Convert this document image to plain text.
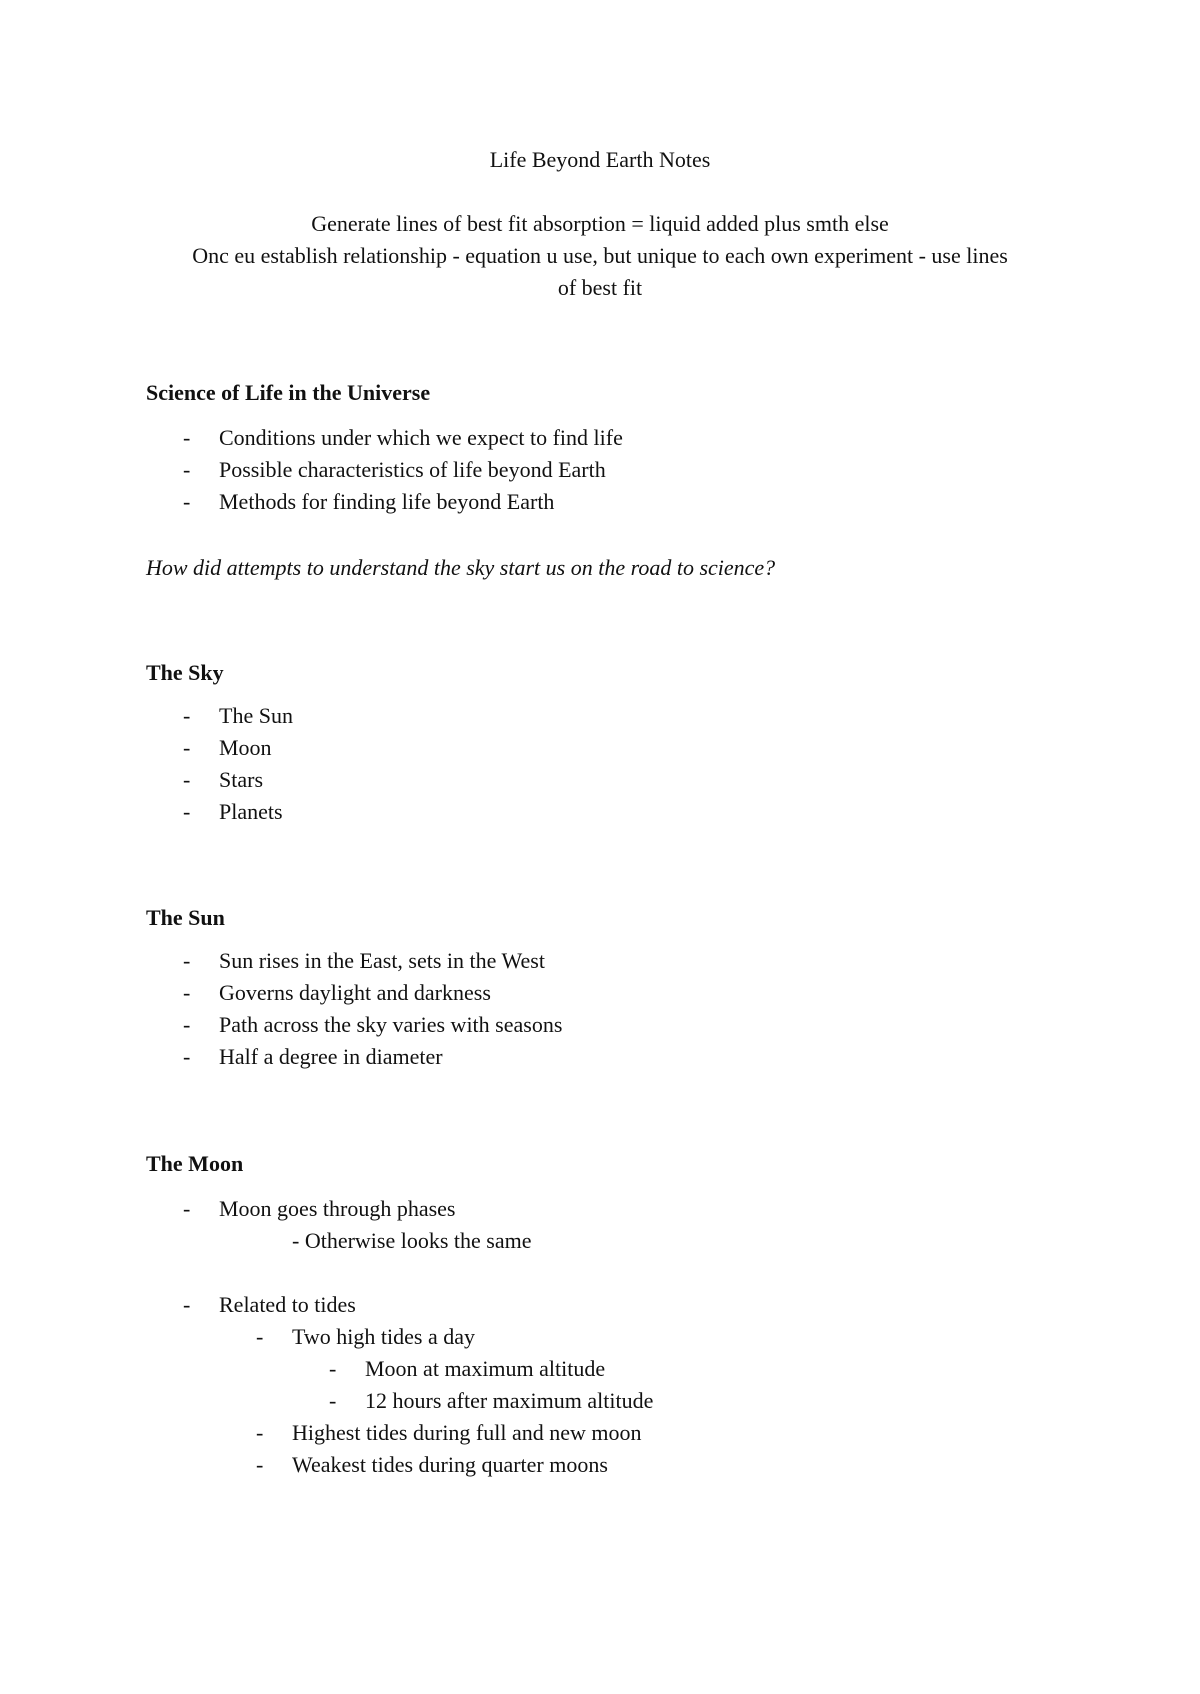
Life Beyond Earth Notes
Generate lines of best fit absorption = liquid added plus smth else
Onc eu establish relationship - equation u use, but unique to each own experiment - use lines
of best fit
Science of Life in the Universe
-	Conditions under which we expect to find life
-	Possible characteristics of life beyond Earth
-	Methods for finding life beyond Earth
How did attempts to understand the sky start us on the road to science?
The Sky
-	The Sun
-	Moon
-	Stars
-	Planets
The Sun
-	Sun rises in the East, sets in the West
-	Governs daylight and darkness
-	Path across the sky varies with seasons
-	Half a degree in diameter
The Moon
-	Moon goes through phases
- Otherwise looks the same
-	Related to tides
-	Two high tides a day
-	Moon at maximum altitude
-	12 hours after maximum altitude
-	Highest tides during full and new moon
-	Weakest tides during quarter moons
